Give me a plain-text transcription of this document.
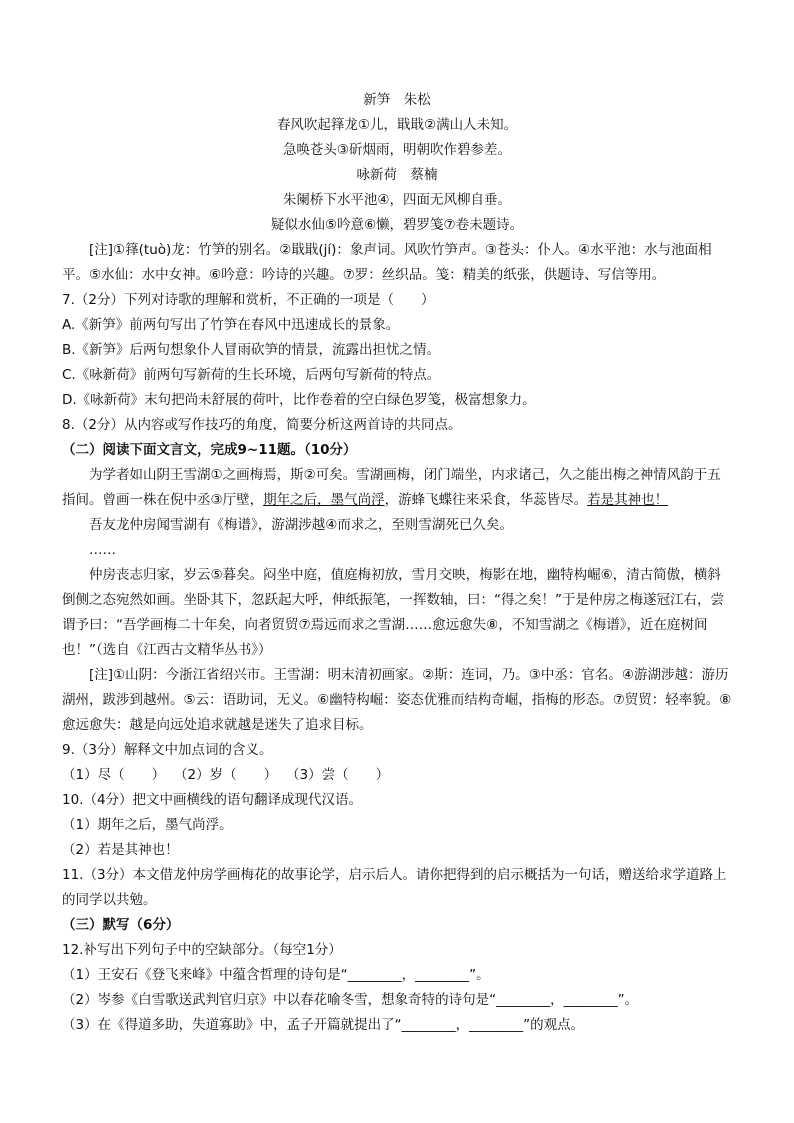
新笋　朱松
春风吹起箨龙①儿，戢戢②满山人未知。
急唤苍头③斫烟雨，明朝吹作碧参差。
咏新荷　蔡楠
朱阑桥下水平池④，四面无风柳自垂。
疑似水仙⑤吟意⑥懒，碧罗笺⑦卷未题诗。

[注]①箨(tuò)龙：竹笋的别名。②戢戢(jí)：象声词。风吹竹笋声。③苍头：仆人。④水平池：水与池面相平。⑤水仙：水中女神。⑥吟意：吟诗的兴趣。⑦罗：丝织品。笺：精美的纸张，供题诗、写信等用。

7.（2分）下列对诗歌的理解和赏析，不正确的一项是（　　）

A.《新笋》前两句写出了竹笋在春风中迅速成长的景象。

B.《新笋》后两句想象仆人冒雨砍笋的情景，流露出担忧之情。

C.《咏新荷》前两句写新荷的生长环境，后两句写新荷的特点。

D.《咏新荷》末句把尚未舒展的荷叶，比作卷着的空白绿色罗笺，极富想象力。

8.（2分）从内容或写作技巧的角度，简要分析这两首诗的共同点。

（二）阅读下面文言文，完成9~11题。（10分）

为学者如山阴王雪湖①之画梅焉，斯②可矣。雪湖画梅，闭门端坐，内求诸己，久之能出梅之神情风韵于五指间。曾画一株在倪中丞③厅壁，期年之后，墨气尚浮，游蜂飞蝶往来采食，华蕊皆尽。若是其神也！

吾友龙仲房闻雪湖有《梅谱》，游湖涉越④而求之，至则雪湖死已久矣。

……

仲房丧志归家，岁云⑤暮矣。闷坐中庭，值庭梅初放，雪月交映，梅影在地，幽特构崛⑥，清古简傲，横斜倒侧之态宛然如画。坐卧其下，忽跃起大呼，伸纸振笔，一挥数轴，曰：“得之矣！”于是仲房之梅遂冠江右，尝谓予曰：“吾学画梅二十年矣，向者贸贸⑦焉远而求之雪湖……愈远愈失⑧，不知雪湖之《梅谱》，近在庭树间也！”（选自《江西古文精华丛书》）

[注]①山阴：今浙江省绍兴市。王雪湖：明末清初画家。②斯：连词，乃。③中丞：官名。④游湖涉越：游历湖州，跋涉到越州。⑤云：语助词，无义。⑥幽特构崛：姿态优雅而结构奇崛，指梅的形态。⑦贸贸：轻率貌。⑧愈远愈失：越是向远处追求就越是迷失了追求目标。

9.（3分）解释文中加点词的含义。

（1）尽（　　） （2）岁（　　） （3）尝（　　）

10.（4分）把文中画横线的语句翻译成现代汉语。

（1）期年之后，墨气尚浮。

（2）若是其神也！

11.（3分）本文借龙仲房学画梅花的故事论学，启示后人。请你把得到的启示概括为一句话，赠送给求学道路上的同学以共勉。

（三）默写（6分）

12.补写出下列句子中的空缺部分。（每空1分）

（1）王安石《登飞来峰》中蕴含哲理的诗句是“________，________”。

（2）岑参《白雪歌送武判官归京》中以春花喻冬雪，想象奇特的诗句是“________，________”。

（3）在《得道多助，失道寡助》中，孟子开篇就提出了“________，________”的观点。
